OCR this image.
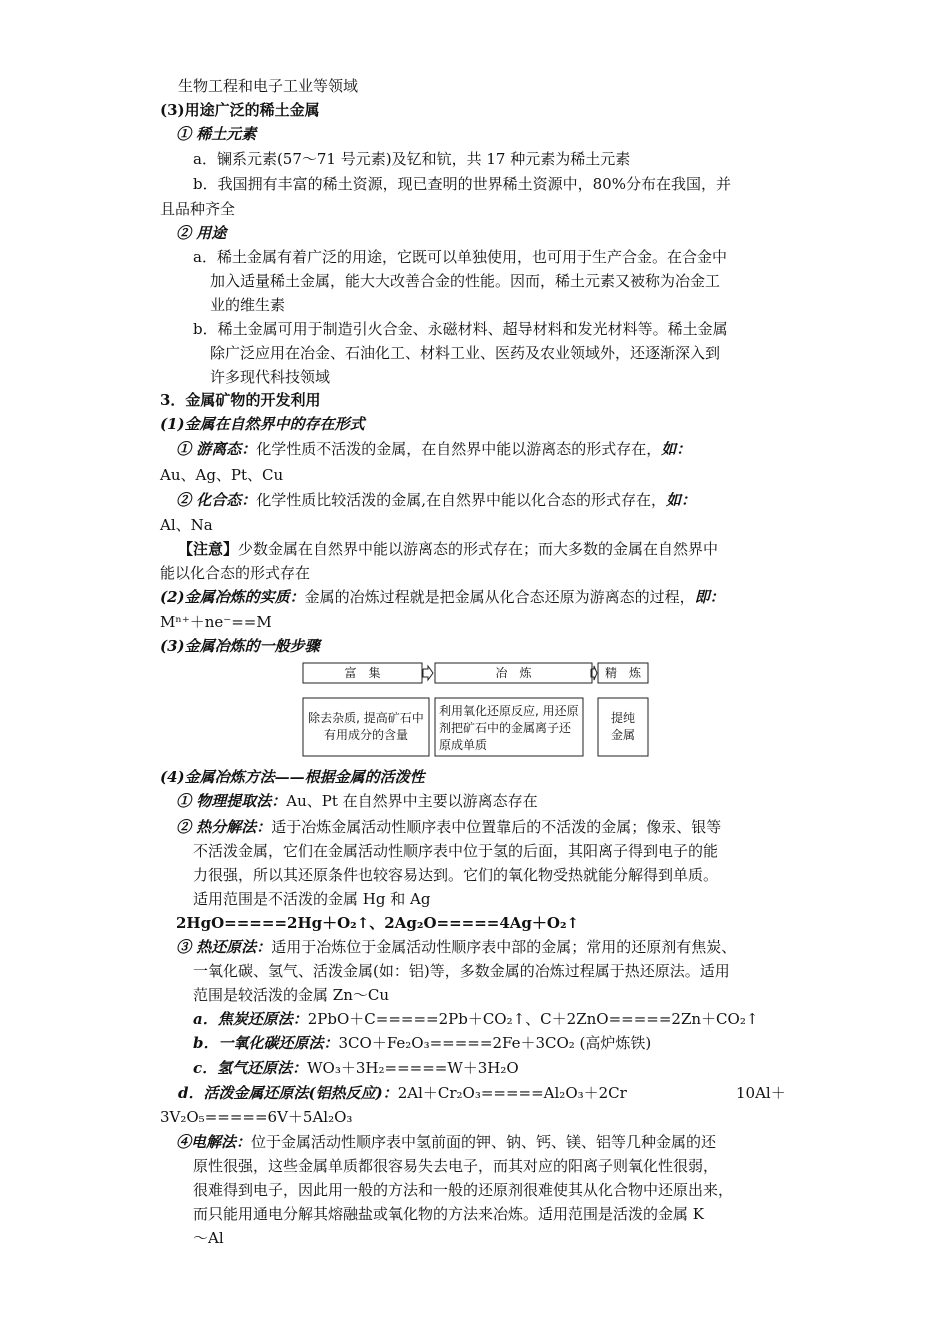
生物工程和电子工业等领域
(3)用途广泛的稀土金属
① 稀土元素
a．镧系元素(57～71 号元素)及钇和钪，共 17 种元素为稀土元素
b．我国拥有丰富的稀土资源，现已查明的世界稀土资源中，80%分布在我国，并
且品种齐全
② 用途
a．稀土金属有着广泛的用途，它既可以单独使用，也可用于生产合金。在合金中
加入适量稀土金属，能大大改善合金的性能。因而，稀土元素又被称为冶金工
业的维生素
b．稀土金属可用于制造引火合金、永磁材料、超导材料和发光材料等。稀土金属
除广泛应用在冶金、石油化工、材料工业、医药及农业领域外，还逐渐深入到
许多现代科技领域
3．金属矿物的开发利用
(1)金属在自然界中的存在形式
① 游离态：化学性质不活泼的金属，在自然界中能以游离态的形式存在，如：
Au、Ag、Pt、Cu
② 化合态：化学性质比较活泼的金属,在自然界中能以化合态的形式存在，如：
Al、Na
【注意】少数金属在自然界中能以游离态的形式存在；而大多数的金属在自然界中
能以化合态的形式存在
(2)金属冶炼的实质：金属的冶炼过程就是把金属从化合态还原为游离态的过程，即：
Mⁿ⁺＋ne⁻==M
(3)金属冶炼的一般步骤
富　集	冶　炼	精　炼
除去杂质, 提高矿石中有用成分的含量
利用氧化还原反应, 用还原剂把矿石中的金属离子还原成单质
提纯金属
(4)金属冶炼方法——根据金属的活泼性
① 物理提取法：Au、Pt 在自然界中主要以游离态存在
② 热分解法：适于冶炼金属活动性顺序表中位置靠后的不活泼的金属；像汞、银等
不活泼金属，它们在金属活动性顺序表中位于氢的后面，其阳离子得到电子的能
力很强，所以其还原条件也较容易达到。它们的氧化物受热就能分解得到单质。
适用范围是不活泼的金属 Hg 和 Ag
2HgO=====2Hg＋O₂↑、2Ag₂O=====4Ag＋O₂↑
③ 热还原法：适用于冶炼位于金属活动性顺序表中部的金属；常用的还原剂有焦炭、
一氧化碳、氢气、活泼金属(如：铝)等，多数金属的冶炼过程属于热还原法。适用
范围是较活泼的金属 Zn～Cu
a．焦炭还原法：2PbO＋C=====2Pb＋CO₂↑、C＋2ZnO=====2Zn＋CO₂↑
b．一氧化碳还原法：3CO＋Fe₂O₃=====2Fe＋3CO₂ (高炉炼铁)
c．氢气还原法：WO₃＋3H₂=====W＋3H₂O
d．活泼金属还原法(铝热反应)：2Al＋Cr₂O₃=====Al₂O₃＋2Cr	10Al＋
3V₂O₅=====6V＋5Al₂O₃
④电解法：位于金属活动性顺序表中氢前面的钾、钠、钙、镁、铝等几种金属的还
原性很强，这些金属单质都很容易失去电子，而其对应的阳离子则氧化性很弱，
很难得到电子，因此用一般的方法和一般的还原剂很难使其从化合物中还原出来，
而只能用通电分解其熔融盐或氧化物的方法来冶炼。适用范围是活泼的金属 K
～Al
